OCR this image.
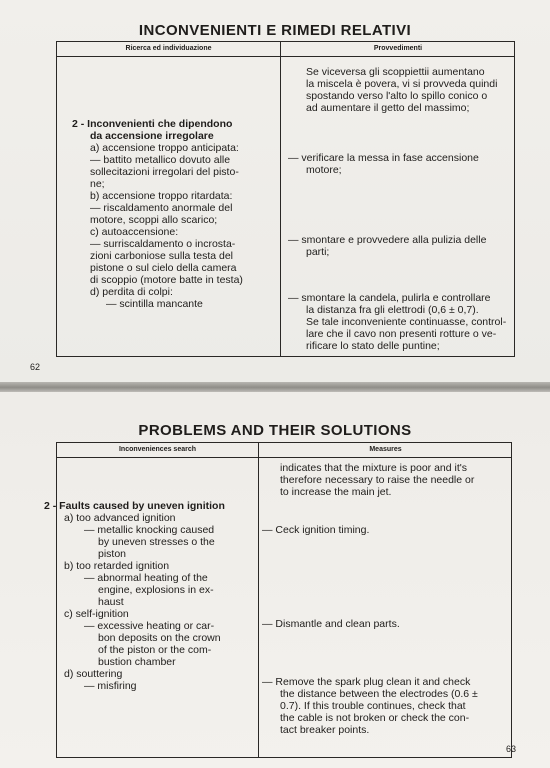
INCONVENIENTI E RIMEDI RELATIVI
Ricerca ed individuazione	Provvedimenti
Se viceversa gli scoppiettii aumentano
la miscela è povera, vi si provveda quindi
spostando verso l'alto lo spillo conico o
ad aumentare il getto del massimo;
2 - Inconvenienti che dipendono
da accensione irregolare
a) accensione troppo anticipata:
— battito metallico dovuto alle
sollecitazioni irregolari del pisto-
ne;
b) accensione troppo ritardata:
— riscaldamento anormale del
motore, scoppi allo scarico;
c) autoaccensione:
— surriscaldamento o incrosta-
zioni carboniose sulla testa del
pistone o sul cielo della camera
di scoppio (motore batte in testa)
d) perdita di colpi:
— scintilla mancante
— verificare la messa in fase accensione
motore;
— smontare e provvedere alla pulizia delle
parti;
— smontare la candela, pulirla e controllare
la distanza fra gli elettrodi (0,6 ± 0,7).
Se tale inconveniente continuasse, control-
lare che il cavo non presenti rotture o ve-
rificare lo stato delle puntine;
62
PROBLEMS AND THEIR SOLUTIONS
Inconveniences search	Measures
indicates that the mixture is poor and it's
therefore necessary to raise the needle or
to increase the main jet.
2 - Faults caused by uneven ignition
a) too advanced ignition
— metallic knocking caused
by uneven stresses o the
piston
b) too retarded ignition
— abnormal heating of the
engine, explosions in ex-
haust
c) self-ignition
— excessive heating or car-
bon deposits on the crown
of the piston or the com-
bustion chamber
d) souttering
— misfiring
— Ceck ignition timing.
— Dismantle and clean parts.
— Remove the spark plug clean it and check
the distance between the electrodes (0.6 ±
0.7). If this trouble continues, check that
the cable is not broken or check the con-
tact breaker points.
63
